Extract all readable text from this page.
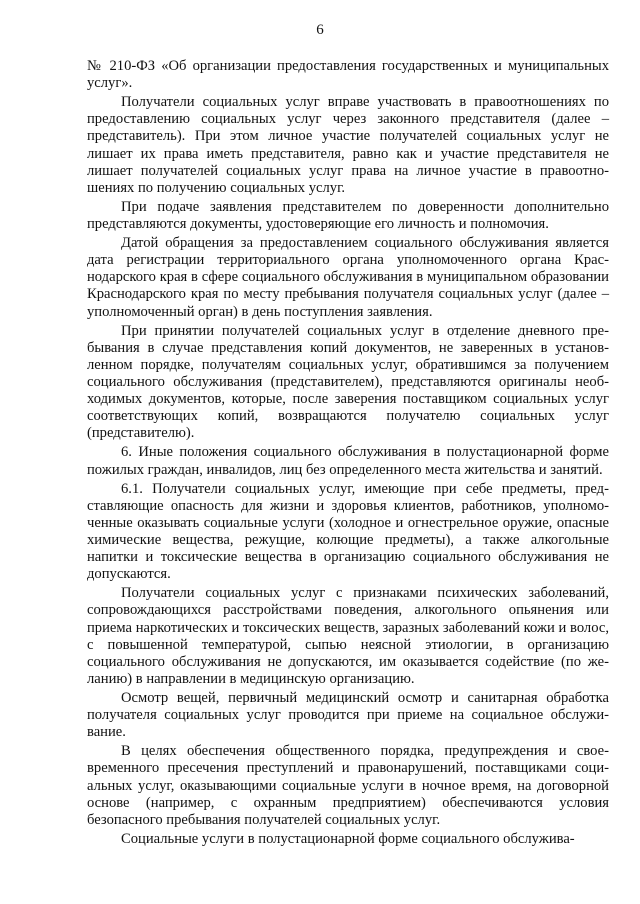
6

№ 210-ФЗ «Об организации предоставления государственных и муниципальных услуг».

Получатели социальных услуг вправе участвовать в правоотношениях по предоставлению социальных услуг через законного представителя (далее – представитель). При этом личное участие получателей социальных услуг не лишает их права иметь представителя, равно как и участие представителя не лишает получателей социальных услуг права на личное участие в правоотношениях по получению социальных услуг.

При подаче заявления представителем по доверенности дополнительно представляются документы, удостоверяющие его личность и полномочия.

Датой обращения за предоставлением социального обслуживания является дата регистрации территориального органа уполномоченного органа Краснодарского края в сфере социального обслуживания в муниципальном образовании Краснодарского края по месту пребывания получателя социальных услуг (далее – уполномоченный орган) в день поступления заявления.

При принятии получателей социальных услуг в отделение дневного пребывания в случае представления копий документов, не заверенных в установленном порядке, получателям социальных услуг, обратившимся за получением социального обслуживания (представителем), представляются оригиналы необходимых документов, которые, после заверения поставщиком социальных услуг соответствующих копий, возвращаются получателю социальных услуг (представителю).

6. Иные положения социального обслуживания в полустационарной форме пожилых граждан, инвалидов, лиц без определенного места жительства и занятий.

6.1. Получатели социальных услуг, имеющие при себе предметы, представляющие опасность для жизни и здоровья клиентов, работников, уполномоченные оказывать социальные услуги (холодное и огнестрельное оружие, опасные химические вещества, режущие, колющие предметы), а также алкогольные напитки и токсические вещества в организацию социального обслуживания не допускаются.

Получатели социальных услуг с признаками психических заболеваний, сопровождающихся расстройствами поведения, алкогольного опьянения или приема наркотических и токсических веществ, заразных заболеваний кожи и волос, с повышенной температурой, сыпью неясной этиологии, в организацию социального обслуживания не допускаются, им оказывается содействие (по желанию) в направлении в медицинскую организацию.

Осмотр вещей, первичный медицинский осмотр и санитарная обработка получателя социальных услуг проводится при приеме на социальное обслуживание.

В целях обеспечения общественного порядка, предупреждения и своевременного пресечения преступлений и правонарушений, поставщиками социальных услуг, оказывающими социальные услуги в ночное время, на договорной основе (например, с охранным предприятием) обеспечиваются условия безопасного пребывания получателей социальных услуг.

Социальные услуги в полустационарной форме социального обслужива-
